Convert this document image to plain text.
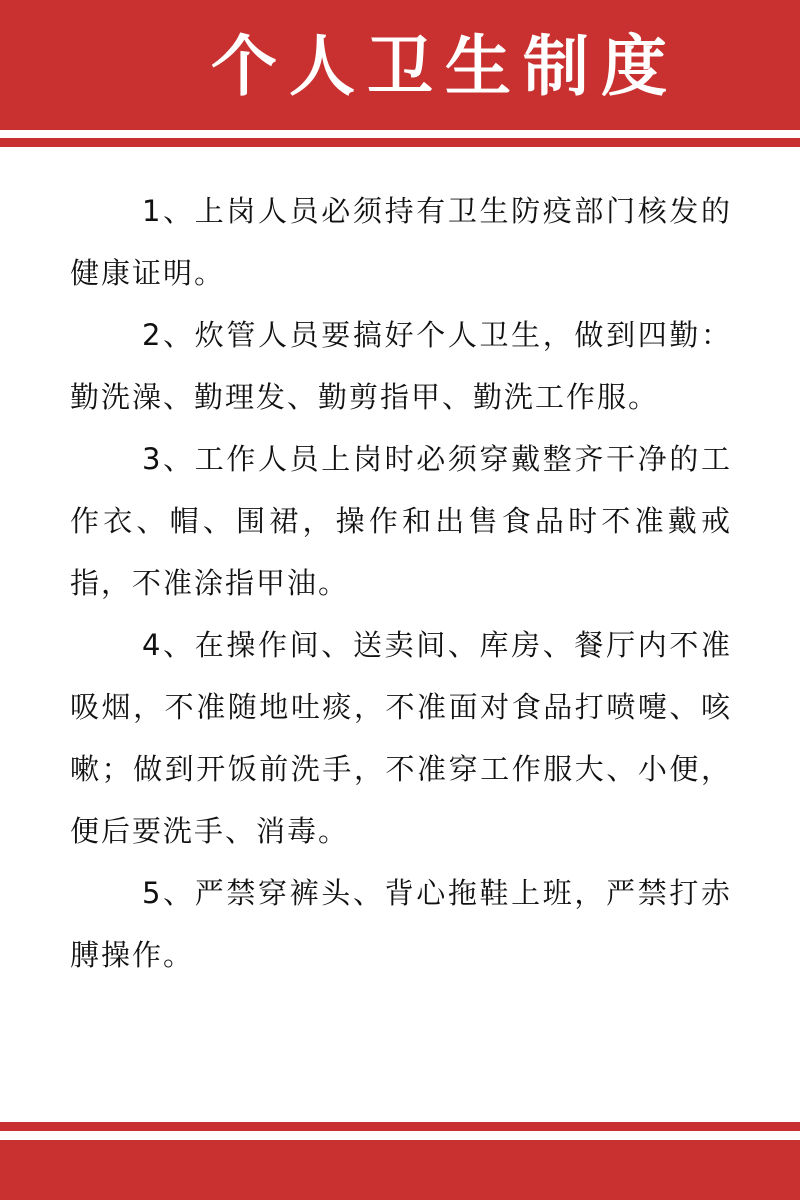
个人卫生制度

1、上岗人员必须持有卫生防疫部门核发的健康证明。

2、炊管人员要搞好个人卫生，做到四勤：勤洗澡、勤理发、勤剪指甲、勤洗工作服。

3、工作人员上岗时必须穿戴整齐干净的工作衣、帽、围裙，操作和出售食品时不准戴戒指，不准涂指甲油。

4、在操作间、送卖间、库房、餐厅内不准吸烟，不准随地吐痰，不准面对食品打喷嚏、咳嗽；做到开饭前洗手，不准穿工作服大、小便，便后要洗手、消毒。

5、严禁穿裤头、背心拖鞋上班，严禁打赤膊操作。
